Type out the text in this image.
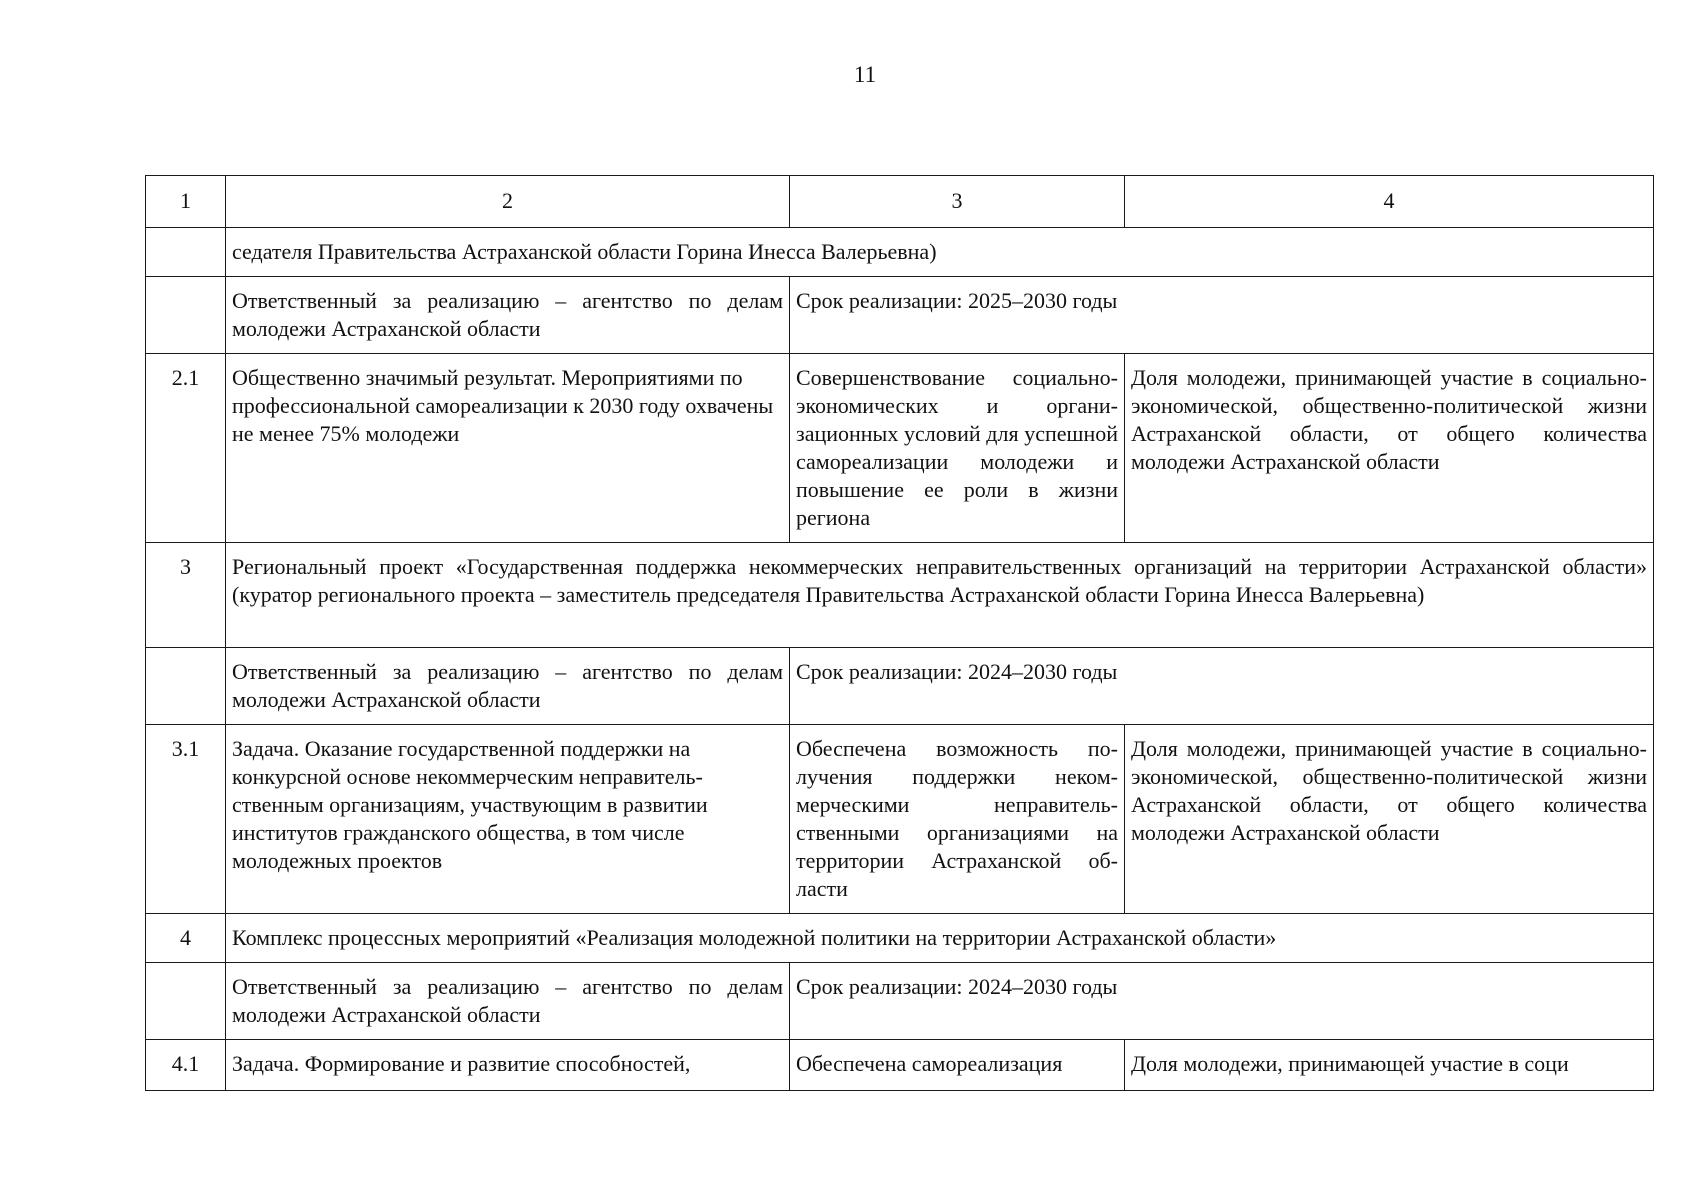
11
1	2	3	4
	седателя Правительства Астраханской области Горина Инесса Валерьевна)		
	Ответственный за реализацию – агентство по делам молодежи Астраханской области	Срок реализации: 2025–2030 годы	
2.1	Общественно значимый результат. Мероприятиями по профессиональной самореализации к 2030 году охвачены не менее 75% молодежи	Совершенствование социально-экономических и организационных условий для успешной самореализации молодежи и повышение ее роли в жизни региона	Доля молодежи, принимающей участие в социально-экономической, общественно-политической жизни Астраханской области, от общего количества молодежи Астраханской области
3	Региональный проект «Государственная поддержка некоммерческих неправительственных организаций на территории Астраханской области» (куратор регионального проекта – заместитель председателя Правительства Астраханской области Горина Инесса Валерьевна)		
	Ответственный за реализацию – агентство по делам молодежи Астраханской области	Срок реализации: 2024–2030 годы	
3.1	Задача. Оказание государственной поддержки на конкурсной основе некоммерческим неправительственным организациям, участвующим в развитии институтов гражданского общества, в том числе молодежных проектов	Обеспечена возможность получения поддержки некоммерческими неправительственными организациями на территории Астраханской области	Доля молодежи, принимающей участие в социально-экономической, общественно-политической жизни Астраханской области, от общего количества молодежи Астраханской области
4	Комплекс процессных мероприятий «Реализация молодежной политики на территории Астраханской области»		
	Ответственный за реализацию – агентство по делам молодежи Астраханской области	Срок реализации: 2024–2030 годы	
4.1	Задача. Формирование и развитие способностей,	Обеспечена самореализация	Доля молодежи, принимающей участие в соци
